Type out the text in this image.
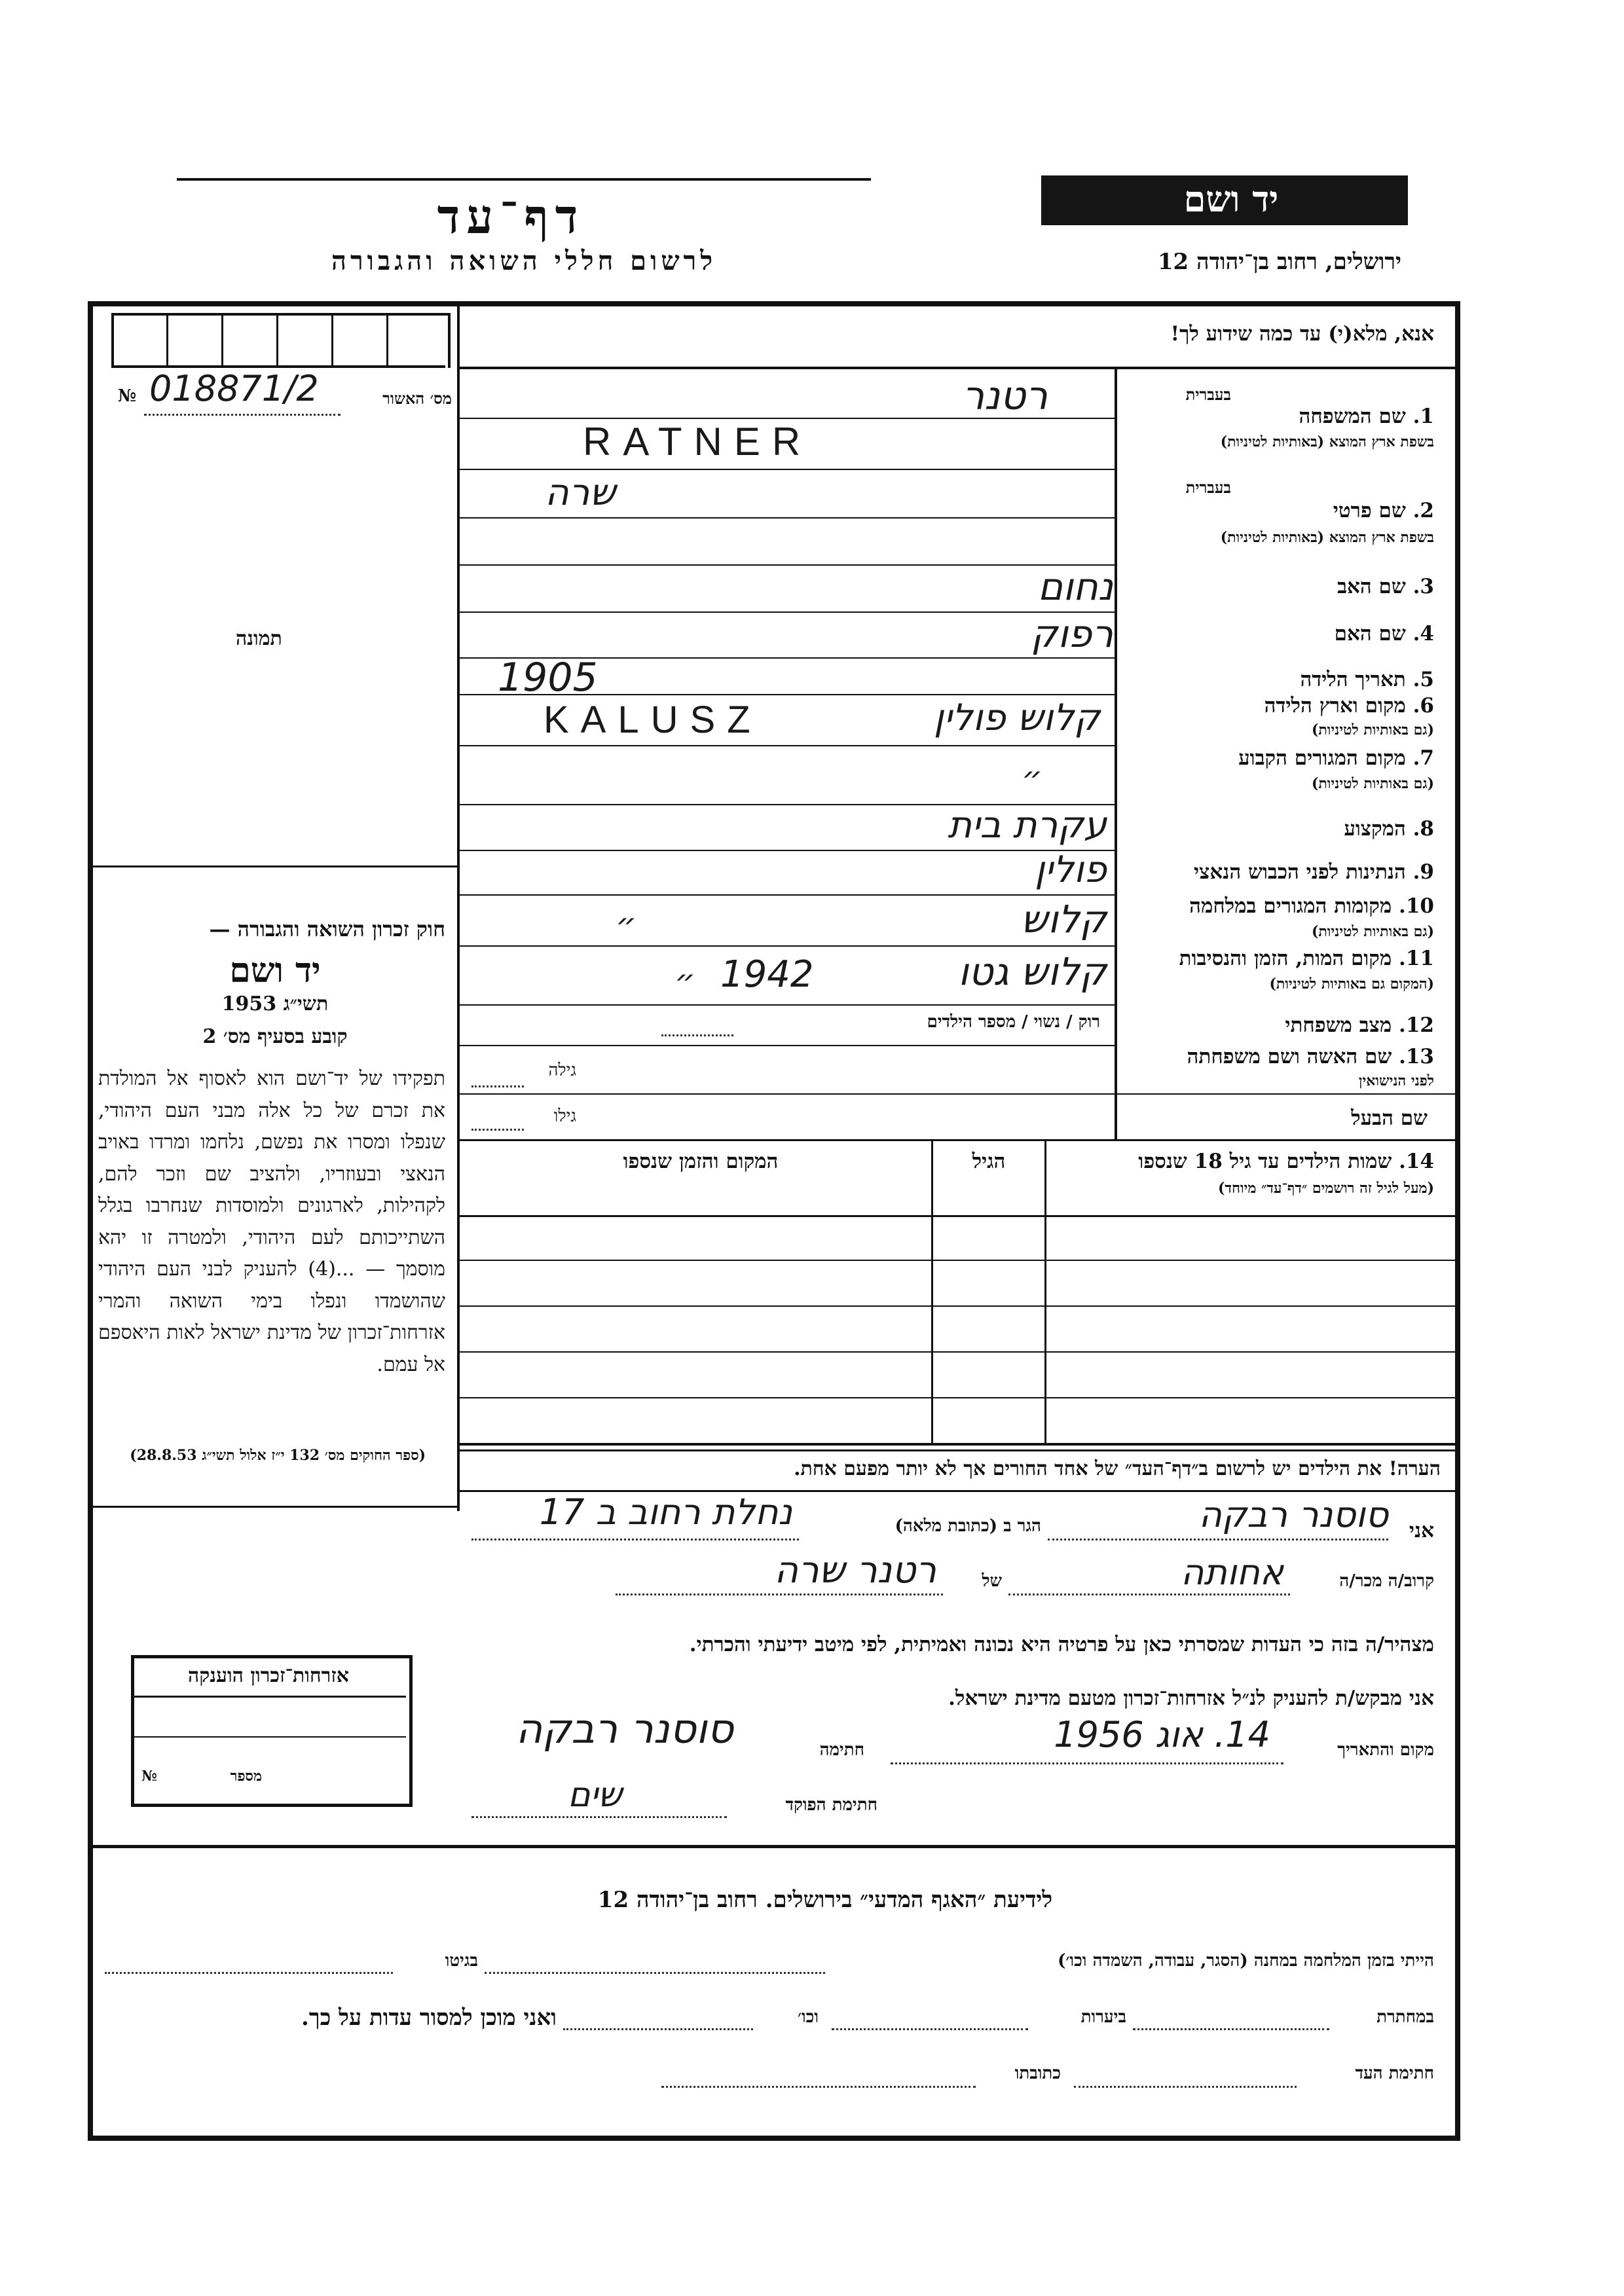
יד ושם
דף־עד
לרשום חללי השואה והגבורה	ירושלים, רחוב בן־יהודה 12
№ 018871/2	מס׳ האשור
תמונה
אנא, מלא(י) עד כמה שידוע לך!
1. שם המשפחה
בעברית
בשפת ארץ המוצא (באותיות לטיניות)
רטנר
RATNER
2. שם פרטי
בעברית
בשפת ארץ המוצא (באותיות לטיניות)
שרה
3. שם האב
נחום
4. שם האם
רפוק
5. תאריך הלידה
1905
6. מקום וארץ הלידה
(גם באותיות לטיניות)
KALUSZ	קלוש פולין
7. מקום המגורים הקבוע
(גם באותיות לטיניות)
״
8. המקצוע
עקרת בית
9. הנתינות לפני הכבוש הנאצי
פולין
10. מקומות המגורים במלחמה
(גם באותיות לטיניות)
קלוש
״
11. מקום המות, הזמן והנסיבות
(המקום גם באותיות לטיניות)
קלוש גטו
1942
״
12. מצב משפחתי
רוק / נשוי / מספר הילדים
13. שם האשה ושם משפחתה
לפני הנישואין
גילה
שם הבעל
גילו
14. שמות הילדים עד גיל 18 שנספו
(מעל לגיל זה רושמים ״דף־עד״ מיוחד)
הגיל
המקום והזמן שנספו
חוק זכרון השואה והגבורה —
יד ושם
תשי״ג 1953
קובע בסעיף מס׳ 2
תפקידו של יד־ושם הוא לאסוף אל המולדת את זכרם של כל אלה מבני העם היהודי, שנפלו ומסרו את נפשם, נלחמו ומרדו באויב הנאצי ובעוזריו, ולהציב שם וזכר להם, לקהילות, לארגונים ולמוסדות שנחרבו בגלל השתייכותם לעם היהודי, ולמטרה זו יהא מוסמך — ...(4) להעניק לבני העם היהודי שהושמדו ונפלו בימי השואה והמרי אזרחות־זכרון של מדינת ישראל לאות היאספם אל עמם.
(ספר החוקים מס׳ 132 י״ז אלול תשי״ג 28.8.53)
הערה! את הילדים יש לרשום ב״דף־העד״ של אחד החורים אך לא יותר מפעם אחת.
אני
סוסנר רבקה
הגר ב (כתובת מלאה)
נחלת רחוב ב 17
קרוב/ה מכר/ה
אחותה
של
רטנר שרה
מצהיר/ה בזה כי העדות שמסרתי כאן על פרטיה היא נכונה ואמיתית, לפי מיטב ידיעתי והכרתי.
אני מבקש/ת להעניק לנ״ל אזרחות־זכרון מטעם מדינת ישראל.
מקום והתאריך
14. אוג 1956
חתימה
סוסנר רבקה
חתימת הפוקד
שים
אזרחות־זכרון הוענקה
מספר
№
לידיעת ״האגף המדעי״ בירושלים. רחוב בן־יהודה 12
הייתי בזמן המלחמה במחנה (הסגר, עבודה, השמדה וכו׳)
בגיטו
במחתרת
ביערות
וכו׳
ואני מוכן למסור עדות על כך.
חתימת העד
כתובתו
